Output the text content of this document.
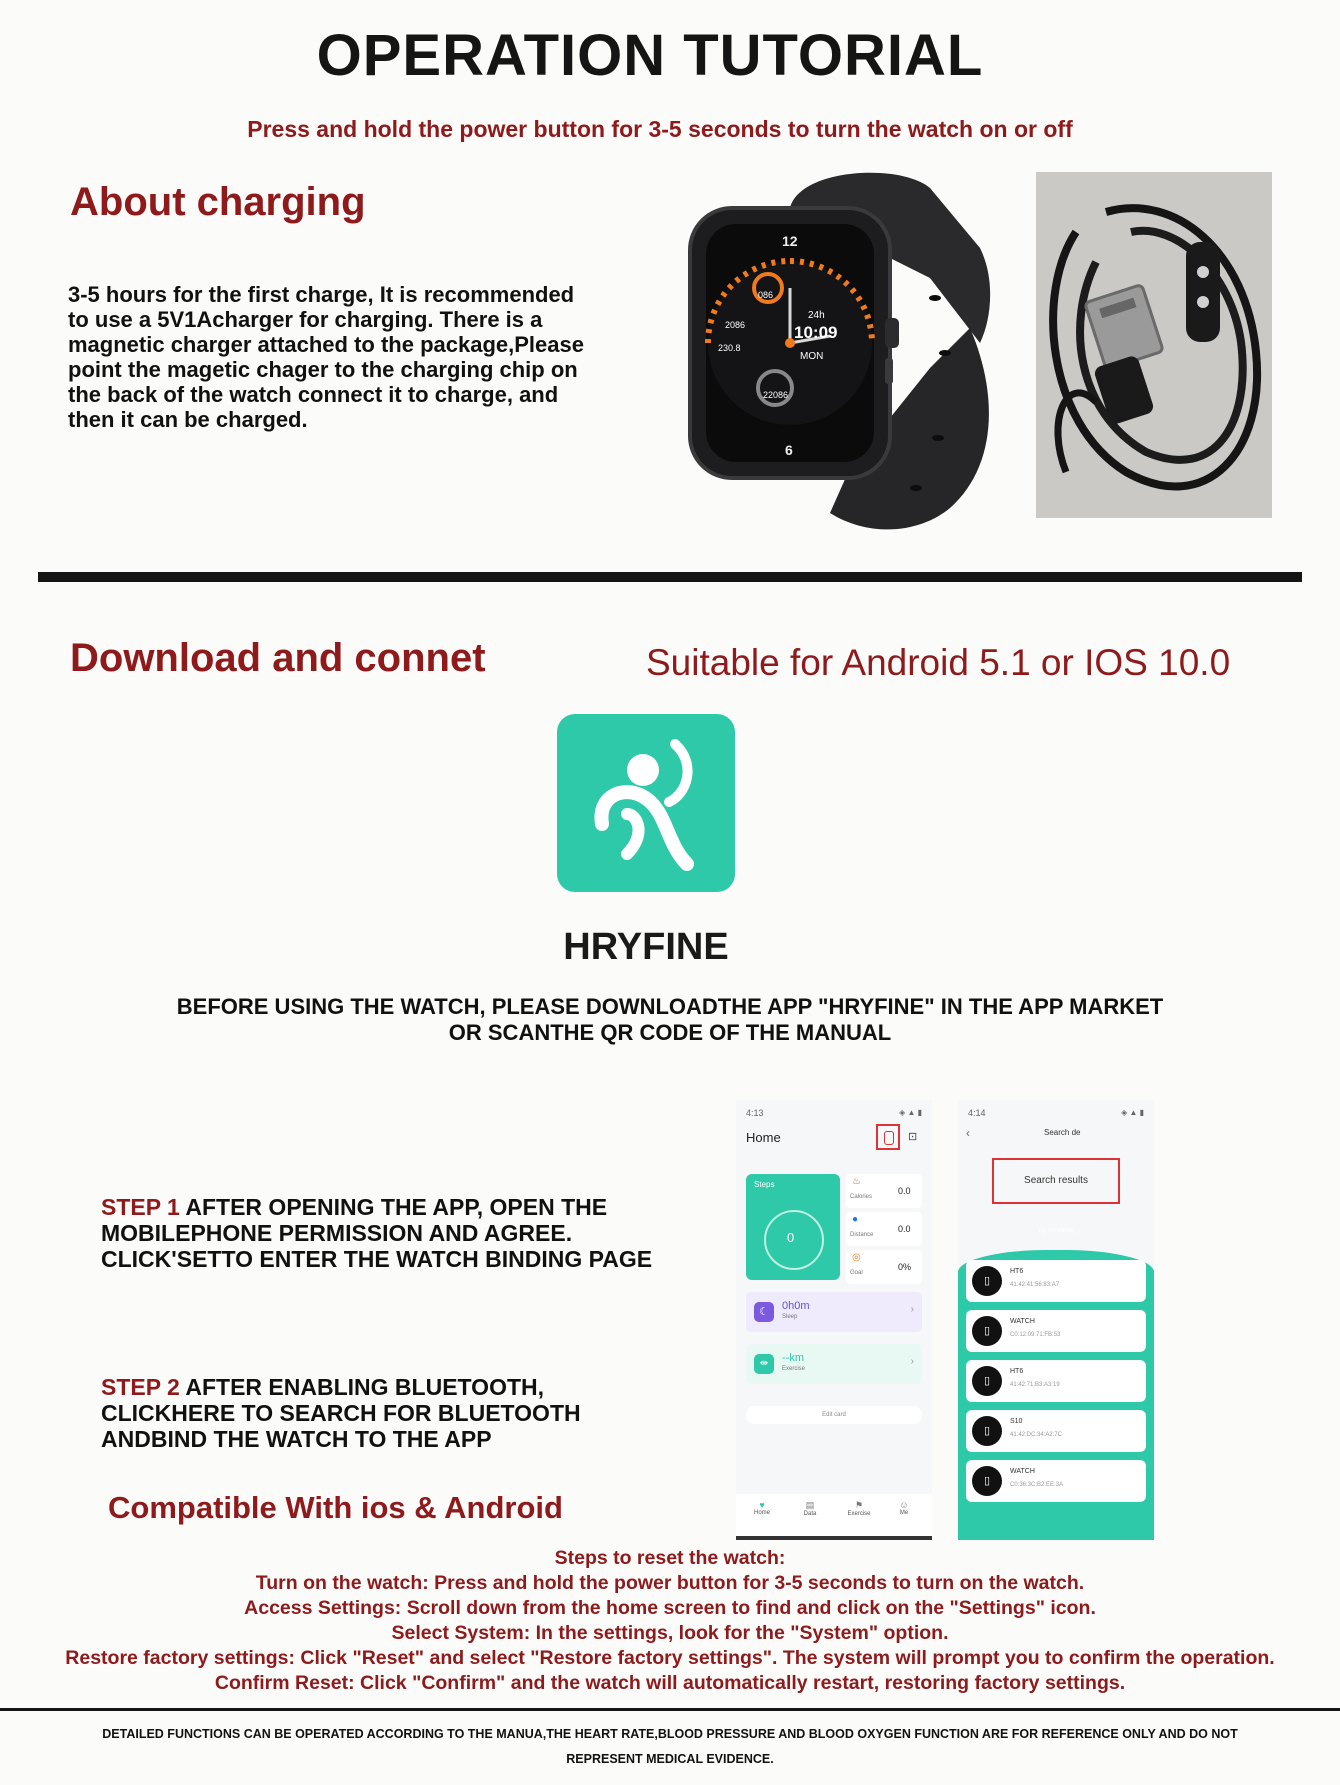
OPERATION TUTORIAL
Press and hold the power button for 3-5 seconds to turn the watch on or off
About charging
3-5 hours for the first charge, It is recommended
to use a 5V1Acharger for charging. There is a
magnetic charger attached to the package,Please
point the magetic chager to the charging chip on
the back of the watch connect it to charge, and
then it can be charged.
12
6
086
2086
230.8
22086
24h
10:09
MON
Download and connet	Suitable for Android 5.1 or IOS 10.0
HRYFINE
BEFORE USING THE WATCH, PLEASE DOWNLOADTHE APP "HRYFINE" IN THE APP MARKET
OR SCANTHE QR CODE OF THE MANUAL
STEP 1 AFTER OPENING THE APP, OPEN THE
MOBILEPHONE PERMISSION AND AGREE.
CLICK'SETTO ENTER THE WATCH BINDING PAGE
STEP 2 AFTER ENABLING BLUETOOTH,
CLICKHERE TO SEARCH FOR BLUETOOTH
ANDBIND THE WATCH TO THE APP
Compatible With ios & Android
4:13	◈ ▲ ▮
Home	⊡
Steps
0
♨
Calories
0.0
●
Distance
0.0
◎
Goal
0%
☾	0h0m
Sleep
›
⇹	--km
Exercise
›
Edit card
♥
Home
▤
Data
⚑
Exercise
☺
Me
4:14	◈ ▲ ▮
‹	Search de
Search results
Try refreshing
▯
HT6
41:42:41:56:83:A7
▯
WATCH
C0:12:09:71:FB:53
▯
HT6
41:42:71:B3:A3:19
▯
S10
41:42:DC:34:A2:7C
▯
WATCH
C0:36:3C:B2:EE:3A
Steps to reset the watch:
Turn on the watch: Press and hold the power button for 3-5 seconds to turn on the watch.
Access Settings: Scroll down from the home screen to find and click on the "Settings" icon.
Select System: In the settings, look for the "System" option.
Restore factory settings: Click "Reset" and select "Restore factory settings". The system will prompt you to confirm the operation.
Confirm Reset: Click "Confirm" and the watch will automatically restart, restoring factory settings.
DETAILED FUNCTIONS CAN BE OPERATED ACCORDING TO THE MANUA,THE HEART RATE,BLOOD PRESSURE AND BLOOD OXYGEN FUNCTION ARE FOR REFERENCE ONLY AND DO NOT
REPRESENT MEDICAL EVIDENCE.
